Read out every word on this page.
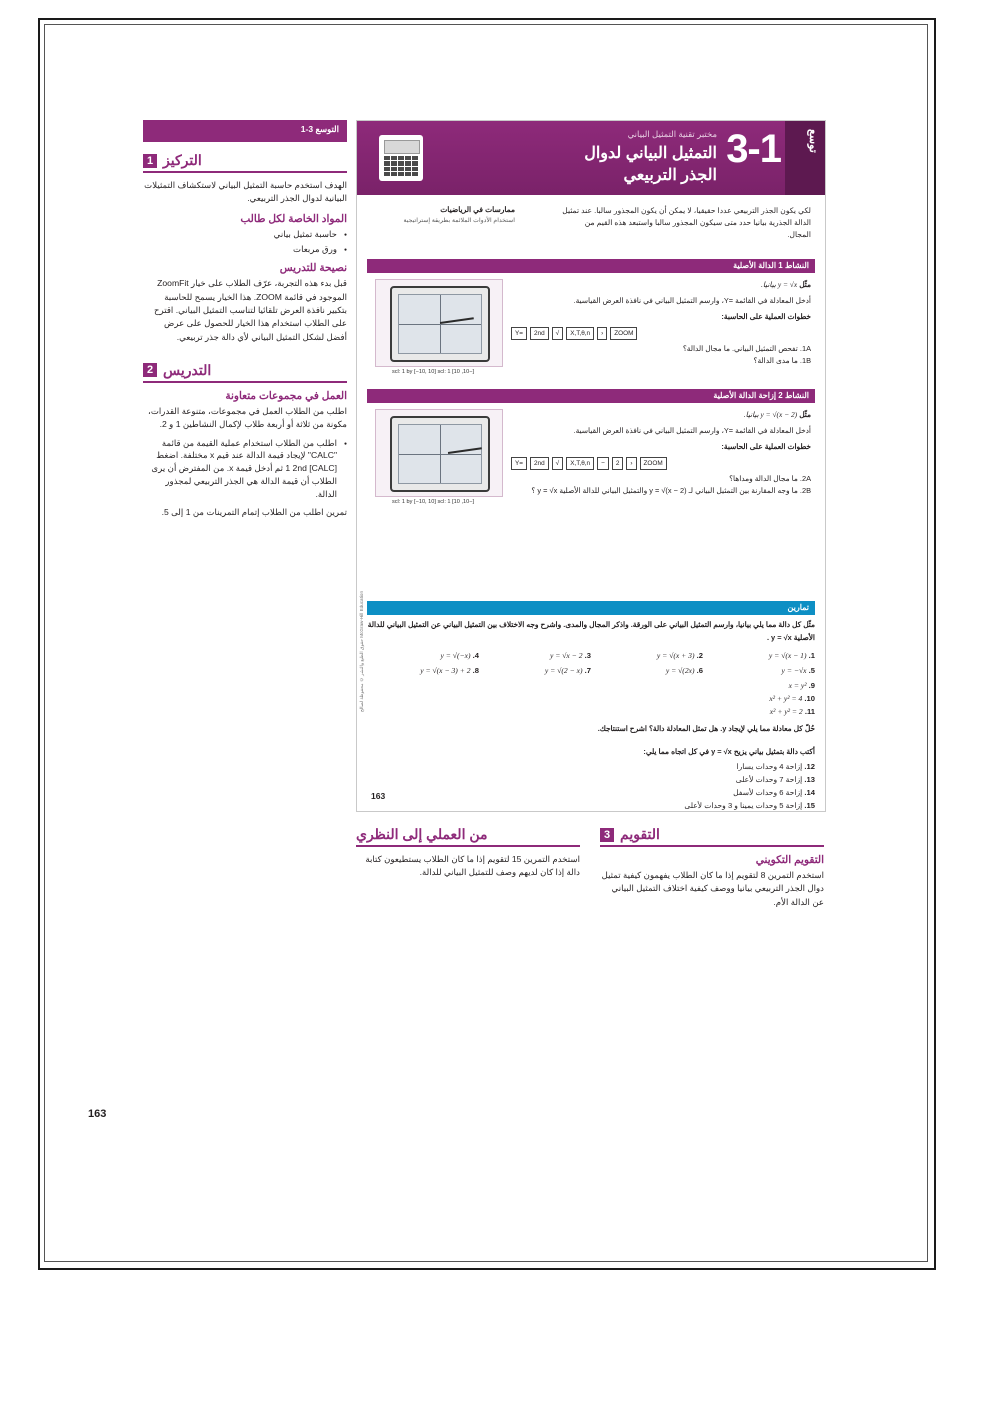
التوسع 3-1
1 التركيز

الهدف استخدم حاسبة التمثيل البياني لاستكشاف التمثيلات البيانية لدوال الجذر التربيعي.

المواد الخاصة لكل طالب
● حاسبة تمثيل بياني
● ورق مربعات
نصيحة للتدريس

قبل بدء هذه التجربة، عرّف الطلاب على خيار ZoomFit الموجود في قائمة ZOOM. هذا الخيار يسمح للحاسبة بتكبير نافذة العرض تلقائيا لتناسب التمثيل البياني. اقترح على الطلاب استخدام هذا الخيار للحصول على عرض أفضل لشكل التمثيل البياني لأي دالة جذر تربيعي.

2 التدريس
العمل في مجموعات متعاونة

اطلب من الطلاب العمل في مجموعات، متنوعة القدرات، مكونة من ثلاثة أو أربعة طلاب لإكمال النشاطين 1 و 2.

● اطلب من الطلاب استخدام عملية القيمة من قائمة "CALC" لإيجاد قيمة الدالة عند قيم x مختلفة. اضغط [CALC] 1 2nd ثم أدخل قيمة x. من المفترض أن يرى الطلاب أن قيمة الدالة هي الجذر التربيعي لمجذور الدالة.

تمرين اطلب من الطلاب إتمام التمرينات من 1 إلى 5.

توسع
3-1
مختبر تقنية التمثيل البياني
التمثيل البياني لدوال
الجذر التربيعي
لكي يكون الجذر التربيعي عددا حقيقيا، لا يمكن أن يكون المجذور سالبا. عند تمثيل الدالة الجذرية بيانيا حدد متى سيكون المجذور سالبا واستبعد هذه القيم من المجال.
ممارسات في الرياضيات
استخدام الأدوات الملائمة بطريقة إستراتيجية
النشاط 1 الدالة الأصلية
[−10, 10] scl: 1 by [−10, 10] scl: 1
مثّل y = √x بيانيا.
أدخل المعادلة في القائمة =Y، وارسم التمثيل البياني في نافذة العرض القياسية.
خطوات العملية على الحاسبة:
=Y	2nd	√	X,T,θ,n	‹	ZOOM
1A. تفحص التمثيل البياني. ما مجال الدالة؟
1B. ما مدى الدالة؟
النشاط 2 إزاحة الدالة الأصلية
[−10, 10] scl: 1 by [−10, 10] scl: 1
مثّل y = √(x − 2) بيانيا.
أدخل المعادلة في القائمة =Y، وارسم التمثيل البياني في نافذة العرض القياسية.
خطوات العملية على الحاسبة:
=Y	2nd	√	X,T,θ,n	−	2	‹	ZOOM
2A. ما مجال الدالة ومداها؟
2B. ما وجه المقارنة بين التمثيل البياني لـ y = √(x − 2) والتمثيل البياني للدالة الأصلية y = √x ؟
تمارين
مثّل كل دالة مما يلي بيانيا، وارسم التمثيل البياني على الورقة. واذكر المجال والمدى. واشرح وجه الاختلاف بين التمثيل البياني عن التمثيل البياني للدالة الأصلية y = √x .
1. y = √(x − 1)
2. y = √(x + 3)
3. y = √x − 2
4. y = √(−x)
5. y = −√x
6. y = √(2x)
7. y = √(2 − x)
8. y = √(x − 3) + 2
9. x = y²
10. x² + y² = 4
11. x² + y² = 2
حُلّ كل معادلة مما يلي لإيجاد y. هل تمثل المعادلة دالة؟ اشرح استنتاجك.
أكتب دالة بتمثيل بياني يزيح y = √x في كل اتجاه مما يلي:
12. إزاحة 4 وحدات يسارا
13. إزاحة 7 وحدات لأعلى
14. إزاحة 6 وحدات لأسفل
15. إزاحة 5 وحدات يمينا و 3 وحدات لأعلى
McGraw-Hill Education حقوق الطبع والنشر © محفوظة لصالح
163
3 التقويم
التقويم التكويني

استخدم التمرين 8 لتقويم إذا ما كان الطلاب يفهمون كيفية تمثيل دوال الجذر التربيعي بيانيا ووصف كيفية اختلاف التمثيل البياني عن الدالة الأم.

من العملي إلى النظري

استخدم التمرين 15 لتقويم إذا ما كان الطلاب يستطيعون كتابة دالة إذا كان لديهم وصف للتمثيل البياني للدالة.

163
